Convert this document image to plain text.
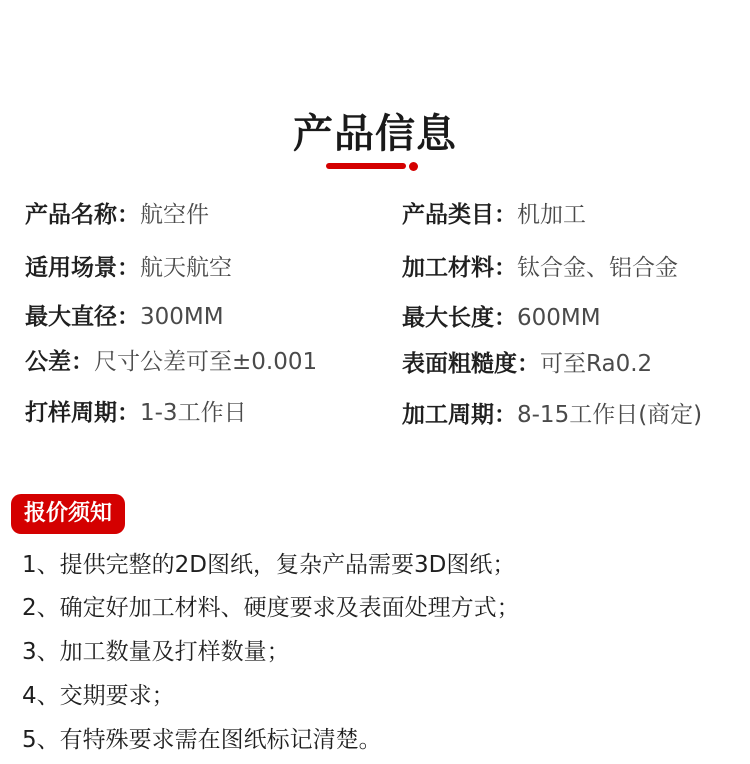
产品信息
产品名称：航空件	产品类目：机加工
适用场景：航天航空	加工材料：钛合金、铝合金
最大直径：300MM	最大长度：600MM
公差：尺寸公差可至±0.001	表面粗糙度：可至Ra0.2
打样周期：1-3工作日	加工周期：8-15工作日(商定)
报价须知
1、提供完整的2D图纸，复杂产品需要3D图纸；
2、确定好加工材料、硬度要求及表面处理方式；
3、加工数量及打样数量；
4、交期要求；
5、有特殊要求需在图纸标记清楚。
